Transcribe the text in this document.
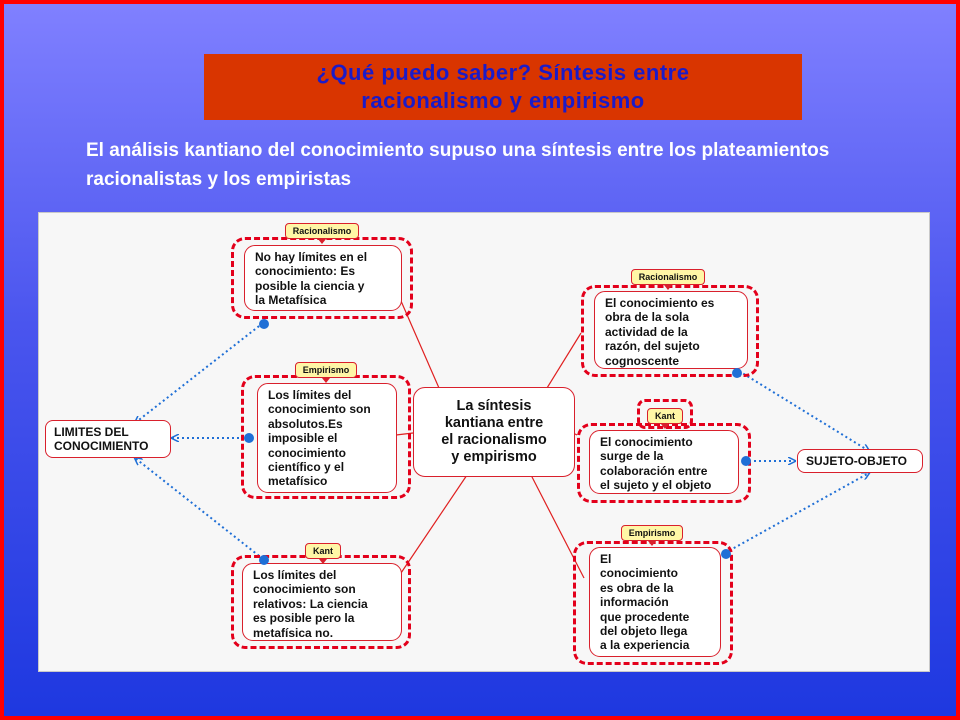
¿Qué puedo saber? Síntesis entre racionalismo y empirismo
El análisis kantiano del conocimiento supuso una síntesis entre los plateamientos racionalistas y los empiristas
LIMITES DEL
CONOCIMIENTO
SUJETO-OBJETO
La síntesis
kantiana entre
el racionalismo
y empirismo
No hay límites en el
conocimiento: Es
posible la ciencia y
la Metafísica
Racionalismo
Los límites del
conocimiento son
absolutos.Es
imposible el
conocimiento
científico y el
metafísico
Empirismo
Los límites del
conocimiento son
relativos: La ciencia
es posible pero la
metafísica no.
Kant
El conocimiento es
obra de la sola
actividad de la
razón, del sujeto
cognoscente
Racionalismo
El conocimiento
surge de la
colaboración entre
el sujeto y el objeto
Kant
El
conocimiento
es obra de la
información
que procedente
del objeto llega
a la experiencia
Empirismo
